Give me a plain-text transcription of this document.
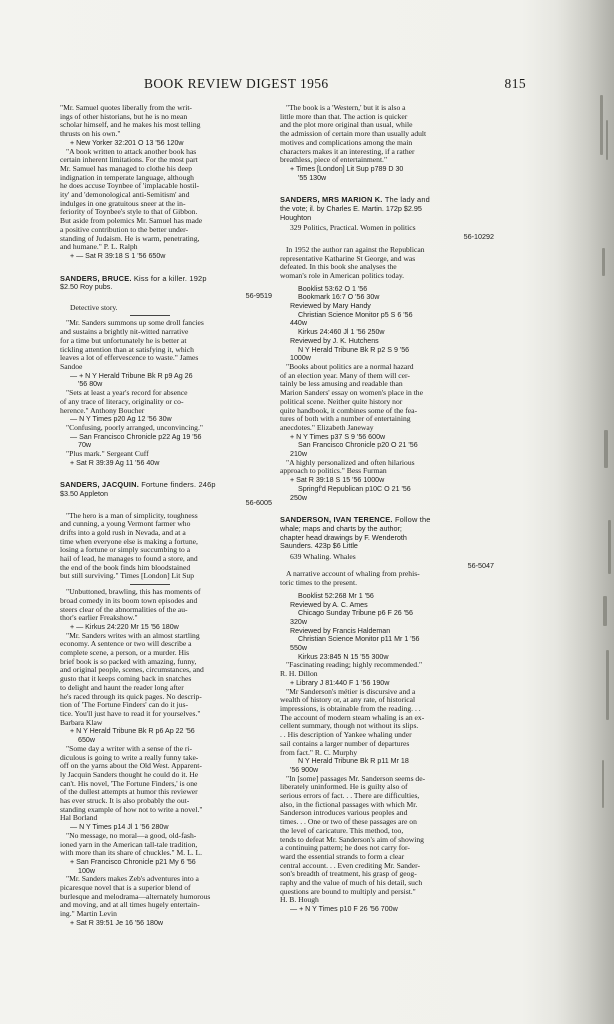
BOOK REVIEW DIGEST 1956	815

"Mr. Samuel quotes liberally from the writ-

ings of other historians, but he is no mean

scholar himself, and he makes his most telling

thrusts on his own."

+ New Yorker 32:201 O 13 '56 120w

"A book written to attack another book has

certain inherent limitations. For the most part

Mr. Samuel has managed to clothe his deep

indignation in temperate language, although

he does accuse Toynbee of 'implacable hostil-

ity' and 'demonological anti-Semitism' and

indulges in one gratuitous sneer at the in-

feriority of Toynbee's style to that of Gibbon.

But aside from polemics Mr. Samuel has made

a positive contribution to the better under-

standing of Judaism. He is warm, penetrating,

and humane." P. L. Ralph

+ — Sat R 39:18 S 1 '56 650w

SANDERS, BRUCE. Kiss for a killer. 192p

$2.50 Roy pubs.

56-9519

Detective story.

"Mr. Sanders summons up some droll fancies

and sustains a brightly nit-witted narrative

for a time but unfortunately he is better at

tickling attention than at satisfying it, which

leaves a lot of effervescence to waste." James

Sandoe

— + N Y Herald Tribune Bk R p9 Ag 26

'56 80w

"Sets at least a year's record for absence

of any trace of literacy, originality or co-

herence." Anthony Boucher

— N Y Times p20 Ag 12 '56 30w

"Confusing, poorly arranged, unconvincing."

— San Francisco Chronicle p22 Ag 19 '56

70w

"Plus mark." Sergeant Cuff

+ Sat R 39:39 Ag 11 '56 40w

SANDERS, JACQUIN. Fortune finders. 246p

$3.50 Appleton

56-6005

"The hero is a man of simplicity, toughness

and cunning, a young Vermont farmer who

drifts into a gold rush in Nevada, and at a

time when everyone else is making a fortune,

losing a fortune or simply succumbing to a

hail of lead, he manages to found a store, and

the end of the book finds him bloodstained

but still surviving." Times [London] Lit Sup

"Unbuttoned, brawling, this has moments of

broad comedy in its boom town episodes and

steers clear of the abnormalities of the au-

thor's earlier Freakshow."

+ — Kirkus 24:220 Mr 15 '56 180w

"Mr. Sanders writes with an almost startling

economy. A sentence or two will describe a

complete scene, a person, or a murder. His

brief book is so packed with amazing, funny,

and original people, scenes, circumstances, and

gusto that it keeps coming back in snatches

to delight and haunt the reader long after

he's raced through its quick pages. No descrip-

tion of 'The Fortune Finders' can do it jus-

tice. You'll just have to read it for yourselves."

Barbara Klaw

+ N Y Herald Tribune Bk R p6 Ap 22 '56

650w

"Some day a writer with a sense of the ri-

diculous is going to write a really funny take-

off on the yarns about the Old West. Apparent-

ly Jacquin Sanders thought he could do it. He

can't. His novel, 'The Fortune Finders,' is one

of the dullest attempts at humor this reviewer

has ever struck. It is also probably the out-

standing example of how not to write a novel."

Hal Borland

— N Y Times p14 Jl 1 '56 280w

"No message, no moral—a good, old-fash-

ioned yarn in the American tall-tale tradition,

with more than its share of chuckles." M. L. L.

+ San Francisco Chronicle p21 My 6 '56

100w

"Mr. Sanders makes Zeb's adventures into a

picaresque novel that is a superior blend of

burlesque and melodrama—alternately humorous

and moving, and at all times hugely entertain-

ing." Martin Levin

+ Sat R 39:51 Je 16 '56 180w

"The book is a 'Western,' but it is also a

little more than that. The action is quicker

and the plot more original than usual, while

the admission of certain more than usually adult

motives and complications among the main

characters makes it an interesting, if a rather

breathless, piece of entertainment."

+ Times [London] Lit Sup p789 D 30

'55 130w

SANDERS, MRS MARION K. The lady and

the vote; il. by Charles E. Martin. 172p $2.95

Houghton

329 Politics, Practical. Women in politics

56-10292

In 1952 the author ran against the Republican

representative Katharine St George, and was

defeated. In this book she analyses the

woman's role in American politics today.

Booklist 53:62 O 1 '56

Bookmark 16:7 O '56 30w

Reviewed by Mary Handy

Christian Science Monitor p5 S 6 '56

440w

Kirkus 24:460 Jl 1 '56 250w

Reviewed by J. K. Hutchens

N Y Herald Tribune Bk R p2 S 9 '56

1000w

"Books about politics are a normal hazard

of an election year. Many of them will cer-

tainly be less amusing and readable than

Marion Sanders' essay on women's place in the

political scene. Neither quite history nor

quite handbook, it combines some of the fea-

tures of both with a number of entertaining

anecdotes." Elizabeth Janeway

+ N Y Times p37 S 9 '56 600w

San Francisco Chronicle p20 O 21 '56

210w

"A highly personalized and often hilarious

approach to politics." Bess Furman

+ Sat R 39:18 S 15 '56 1000w

Springf'd Republican p10C O 21 '56

250w

SANDERSON, IVAN TERENCE. Follow the

whale; maps and charts by the author;

chapter head drawings by F. Wenderoth

Saunders. 423p $6 Little

639 Whaling. Whales

56-5047

A narrative account of whaling from prehis-

toric times to the present.

Booklist 52:268 Mr 1 '56

Reviewed by A. C. Ames

Chicago Sunday Tribune p6 F 26 '56

320w

Reviewed by Francis Haldeman

Christian Science Monitor p11 Mr 1 '56

550w

Kirkus 23:845 N 15 '55 300w

"Fascinating reading; highly recommended."

R. H. Dillon

+ Library J 81:440 F 1 '56 190w

"Mr Sanderson's métier is discursive and a

wealth of history or, at any rate, of historical

impressions, is obtainable from the reading. . .

The account of modern steam whaling is an ex-

cellent summary, though not without its slips.

. . His description of Yankee whaling under

sail contains a larger number of departures

from fact." R. C. Murphy

N Y Herald Tribune Bk R p11 Mr 18

'56 900w

"In [some] passages Mr. Sanderson seems de-

liberately uninformed. He is guilty also of

serious errors of fact. . . There are difficulties,

also, in the fictional passages with which Mr.

Sanderson introduces various peoples and

times. . . One or two of these passages are on

the level of caricature. This method, too,

tends to defeat Mr. Sanderson's aim of showing

a continuing pattern; he does not carry for-

ward the essential strands to form a clear

central account. . . Even crediting Mr. Sander-

son's breadth of treatment, his grasp of geog-

raphy and the value of much of his detail, such

questions are bound to multiply and persist."

H. B. Hough

— + N Y Times p10 F 26 '56 700w
